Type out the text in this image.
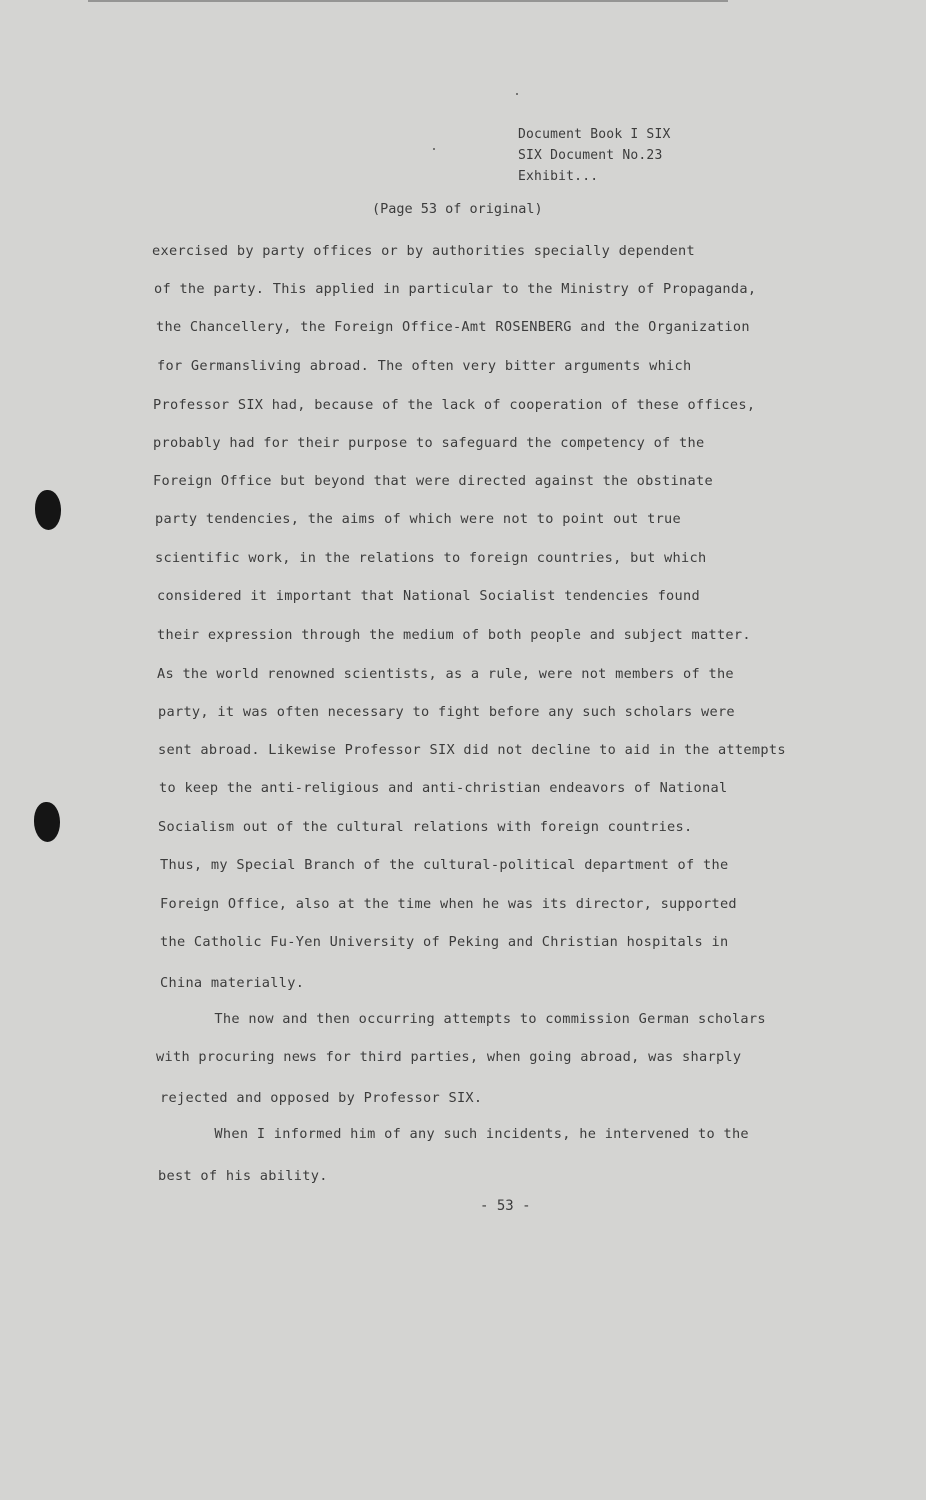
Document Book I SIX
SIX Document No.23
Exhibit...
(Page 53 of original)
exercised by party offices or by authorities specially dependent
of the party. This applied in particular to the Ministry of Propaganda,
the Chancellery, the Foreign Office-Amt ROSENBERG and the Organization
for Germansliving abroad. The often very bitter arguments which
Professor SIX had, because of the lack of cooperation of these offices,
probably had for their purpose to safeguard the competency of the
Foreign Office but beyond that were directed against the obstinate
party tendencies, the aims of which were not to point out true
scientific work, in the relations to foreign countries, but which
considered it important that National Socialist tendencies found
their expression through the medium of both people and subject matter.
As the world renowned scientists, as a rule, were not members of the
party, it was often necessary to fight before any such scholars were
sent abroad. Likewise Professor SIX did not decline to aid in the attempts
to keep the anti-religious and anti-christian endeavors of National
Socialism out of the cultural relations with foreign countries.
Thus, my Special Branch of the cultural-political department of the
Foreign Office, also at the time when he was its director, supported
the Catholic Fu-Yen University of Peking and Christian hospitals in
China materially.
The now and then occurring attempts to commission German scholars
with procuring news for third parties, when going abroad, was sharply
rejected and opposed by Professor SIX.
When I informed him of any such incidents, he intervened to the
best of his ability.
- 53 -
